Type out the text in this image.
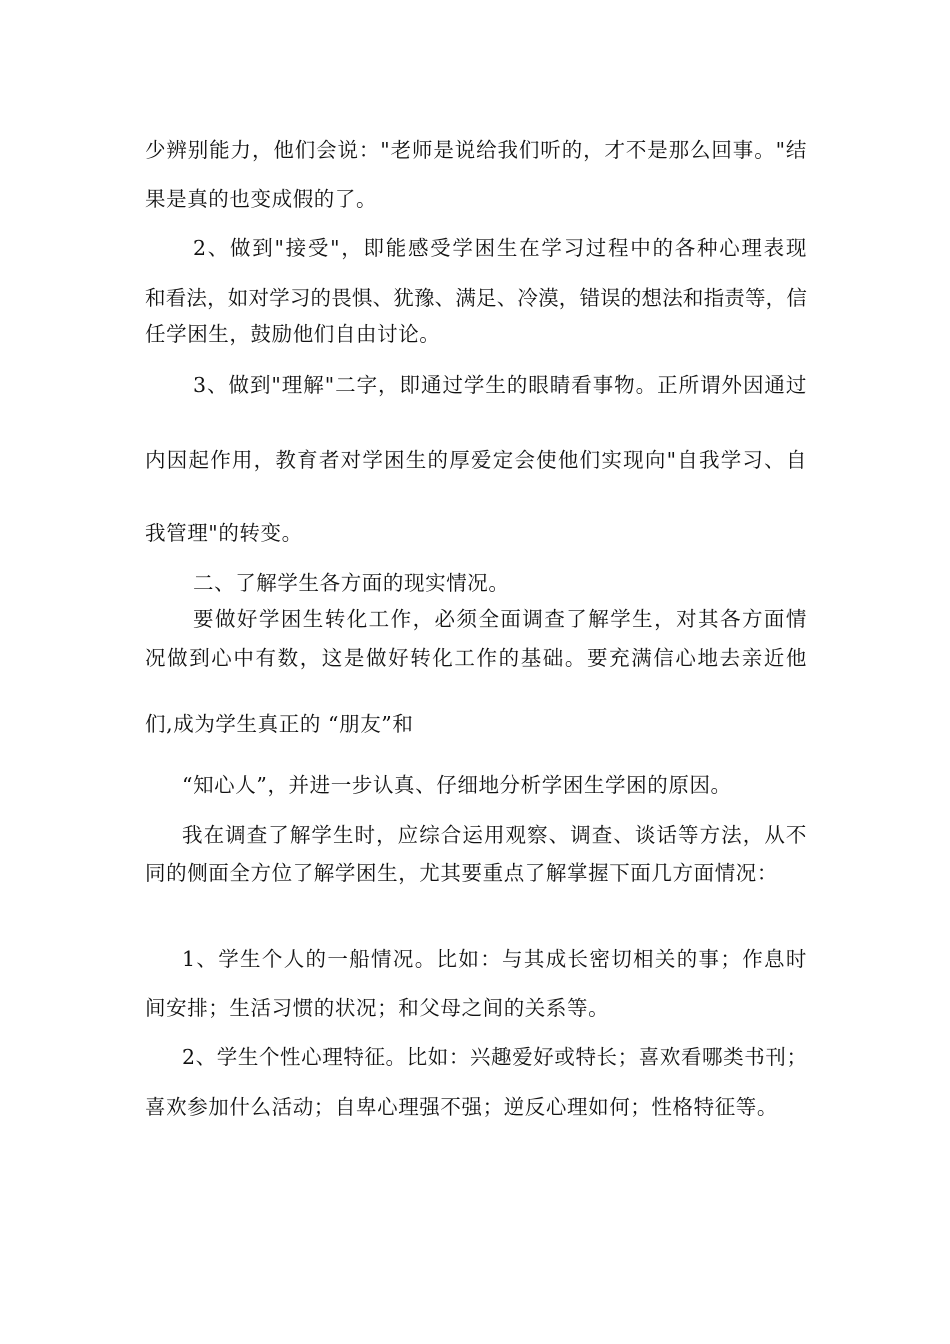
少辨别能力，他们会说："老师是说给我们听的，才不是那么回事。"结
果是真的也变成假的了。
2、做到"接受"，即能感受学困生在学习过程中的各种心理表现
和看法，如对学习的畏惧、犹豫、满足、冷漠，错误的想法和指责等，信
任学困生，鼓励他们自由讨论。
3、做到"理解"二字，即通过学生的眼睛看事物。正所谓外因通过
内因起作用，教育者对学困生的厚爱定会使他们实现向"自我学习、自
我管理"的转变。
二、了解学生各方面的现实情况。
要做好学困生转化工作，必须全面调查了解学生，对其各方面情
况做到心中有数，这是做好转化工作的基础。要充满信心地去亲近他
们,成为学生真正的 “朋友”和
“知心人”，并进一步认真、仔细地分析学困生学困的原因。
我在调查了解学生时，应综合运用观察、调查、谈话等方法，从不
同的侧面全方位了解学困生，尤其要重点了解掌握下面几方面情况：
1、学生个人的一船情况。比如：与其成长密切相关的事；作息时
间安排；生活习惯的状况；和父母之间的关系等。
2、学生个性心理特征。比如：兴趣爱好或特长；喜欢看哪类书刊；
喜欢参加什么活动；自卑心理强不强；逆反心理如何；性格特征等。
